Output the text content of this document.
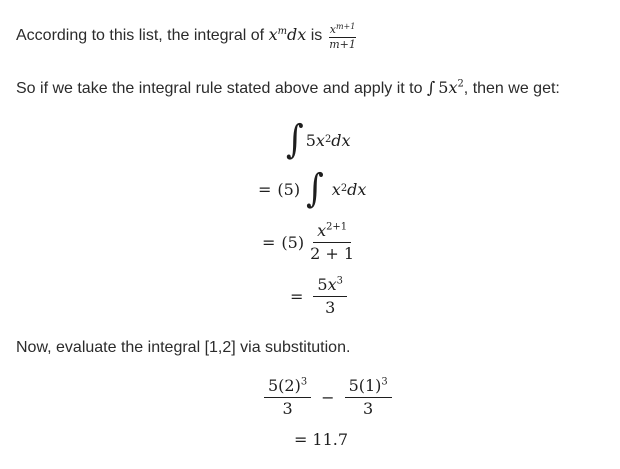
According to this list, the integral of $x^mdx$ is $\frac{x^{m+1}}{m+1}$
So if we take the integral rule stated above and apply it to ∫ $5x^2$, then we get:
∫ 5 x 2 dx
= (5) ∫ x 2 dx
= $(5) \frac{x^{2+1}}{2 + 1}$
= $\frac{5x^3}{3}$
Now, evaluate the integral [1,2] via substitution.
$\frac{5(2)^3}{3} - \frac{5(1)^3}{3}$
= 11.7
